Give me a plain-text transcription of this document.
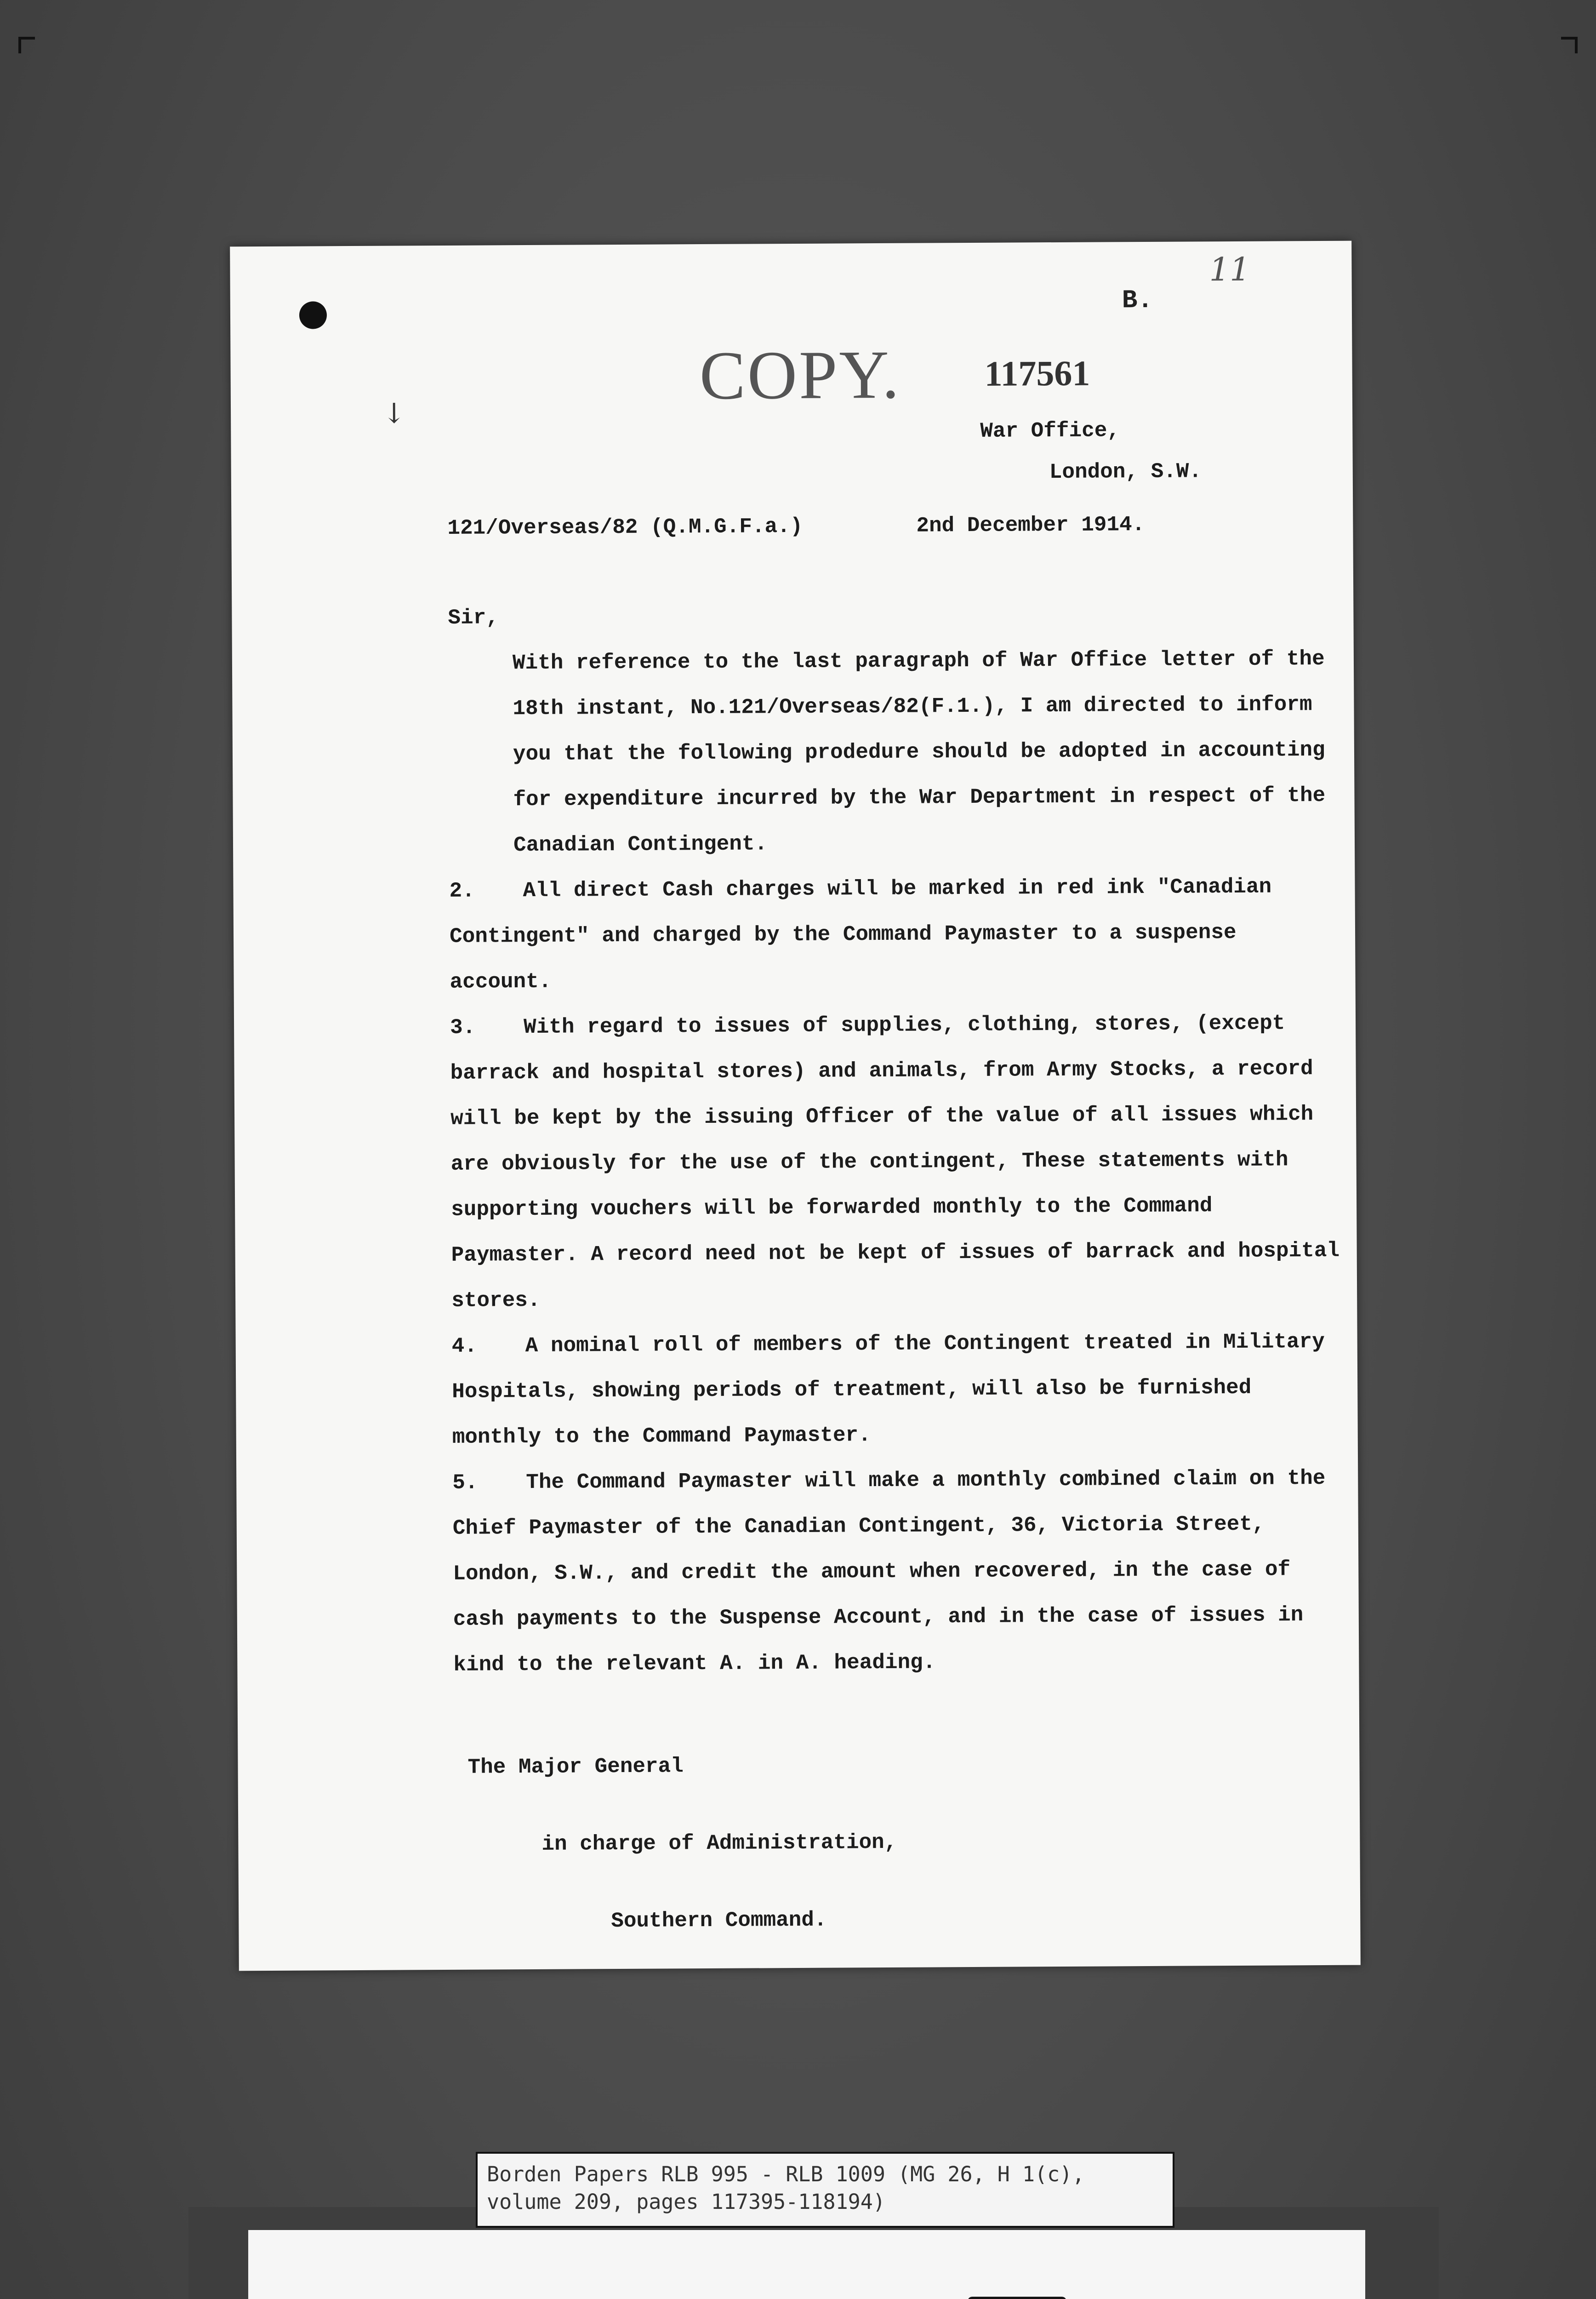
↓
11
B.
COPY. 117561
War Office,
London, S.W.
121/Overseas/82 (Q.M.G.F.a.)	2nd December 1914.
Sir,
With reference to the last paragraph of War Office letter of the 18th instant, No.121/Overseas/82(F.1.), I am directed to inform you that the following prodedure should be adopted in accounting for expenditure incurred by the War Department in respect of the Canadian Contingent.
2. All direct Cash charges will be marked in red ink "Canadian Contingent" and charged by the Command Paymaster to a suspense account.
3. With regard to issues of supplies, clothing, stores, (except barrack and hospital stores) and animals, from Army Stocks, a record will be kept by the issuing Officer of the value of all issues which are obviously for the use of the contingent, These statements with supporting vouchers will be forwarded monthly to the Command Paymaster. A record need not be kept of issues of barrack and hospital stores.
4. A nominal roll of members of the Contingent treated in Military Hospitals, showing periods of treatment, will also be furnished monthly to the Command Paymaster.
5. The Command Paymaster will make a monthly combined claim on the Chief Paymaster of the Canadian Contingent, 36, Victoria Street, London, S.W., and credit the amount when recovered, in the case of cash payments to the Suspense Account, and in the case of issues in kind to the relevant A. in A. heading.

The Major General

in charge of Administration,

Southern Command.

Borden Papers RLB 995 - RLB 1009 (MG 26, H 1(c),
volume 209, pages 117395-118194)
